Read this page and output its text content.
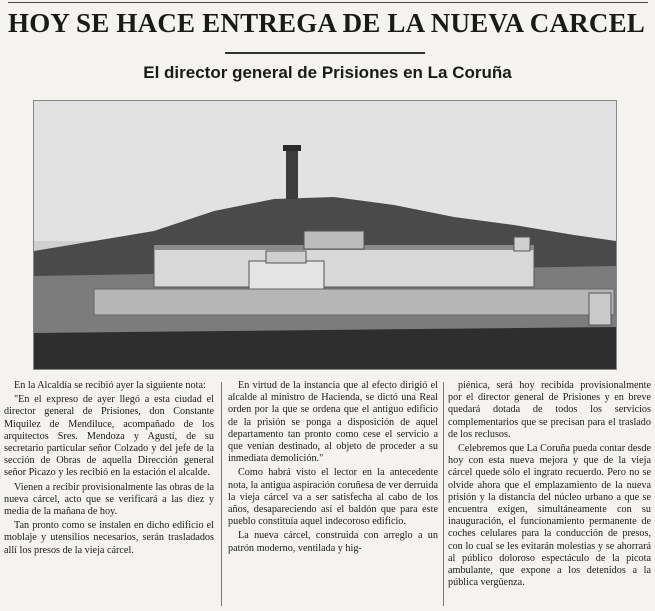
HOY SE HACE ENTREGA DE LA NUEVA CARCEL
El director general de Prisiones en La Coruña

En la Alcaldía se recibió ayer la siguiente nota:

"En el expreso de ayer llegó a esta ciudad el director general de Prisiones, don Constante Miquilez de Mendiluce, acompañado de los arquitectos Sres. Mendoza y Agustí, de su secretario particular señor Colzado y del jefe de la sección de Obras de aquella Dirección general señor Picazo y les recibió en la estación el alcalde.

Vienen a recibir provisionalmente las obras de la nueva cárcel, acto que se verificará a las diez y media de la mañana de hoy.

Tan pronto como se instalen en dicho edificio el moblaje y utensilios necesarios, serán trasladados allí los presos de la vieja cárcel.

En virtud de la instancia que al efecto dirigió el alcalde al ministro de Hacienda, se dictó una Real orden por la que se ordena que el antiguo edificio de la prisión se ponga a disposición de aquel departamento tan pronto como cese el servicio a que venían destinado, al objeto de proceder a su inmediata demolición."

Como habrá visto el lector en la antecedente nota, la antigua aspiración coruñesa de ver derruida la vieja cárcel va a ser satisfecha al cabo de los años, desapareciendo así el baldón que para este pueblo constituía aquel indecoroso edificio.

La nueva cárcel, construida con arreglo a un patrón moderno, ventilada y hig-

piénica, será hoy recibida provisionalmente por el director general de Prisiones y en breve quedará dotada de todos los servicios complementarios que se precisan para el traslado de los reclusos.

Celebremos que La Coruña pueda contar desde hoy con esta nueva mejora y que de la vieja cárcel quede sólo el ingrato recuerdo. Pero no se olvide ahora que el emplazamiento de la nueva prisión y la distancia del núcleo urbano a que se encuentra exigen, simultáneamente con su inauguración, el funcionamiento permanente de coches celulares para la conducción de presos, con lo cual se les evitarán molestias y se ahorrará al público doloroso espectáculo de la picota ambulante, que expone a los detenidos a la pública vergüenza.
